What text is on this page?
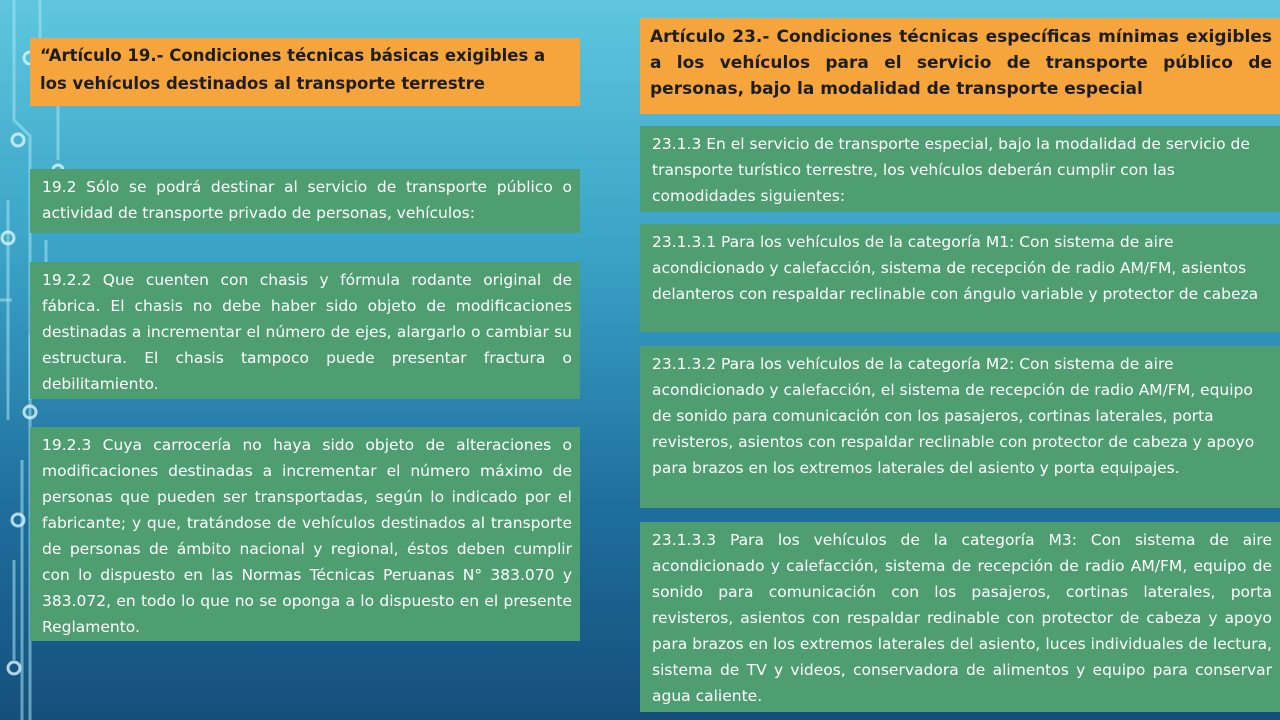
“Artículo 19.- Condiciones técnicas básicas exigibles a los vehículos destinados al transporte terrestre
19.2 Sólo se podrá destinar al servicio de transporte público o actividad de transporte privado de personas, vehículos:
19.2.2 Que cuenten con chasis y fórmula rodante original de fábrica. El chasis no debe haber sido objeto de modificaciones destinadas a incrementar el número de ejes, alargarlo o cambiar su estructura. El chasis tampoco puede presentar fractura o debilitamiento.
19.2.3 Cuya carrocería no haya sido objeto de alteraciones o modificaciones destinadas a incrementar el número máximo de personas que pueden ser transportadas, según lo indicado por el fabricante; y que, tratándose de vehículos destinados al transporte de personas de ámbito nacional y regional, éstos deben cumplir con lo dispuesto en las Normas Técnicas Peruanas N° 383.070 y 383.072, en todo lo que no se oponga a lo dispuesto en el presente Reglamento.
Artículo 23.- Condiciones técnicas específicas mínimas exigibles a los vehículos para el servicio de transporte público de personas, bajo la modalidad de transporte especial
23.1.3 En el servicio de transporte especial, bajo la modalidad de servicio de transporte turístico terrestre, los vehículos deberán cumplir con las comodidades siguientes:
23.1.3.1 Para los vehículos de la categoría M1: Con sistema de aire acondicionado y calefacción, sistema de recepción de radio AM/FM, asientos delanteros con respaldar reclinable con ángulo variable y protector de cabeza
23.1.3.2 Para los vehículos de la categoría M2: Con sistema de aire acondicionado y calefacción, el sistema de recepción de radio AM/FM, equipo de sonido para comunicación con los pasajeros, cortinas laterales, porta revisteros, asientos con respaldar reclinable con protector de cabeza y apoyo para brazos en los extremos laterales del asiento y porta equipajes.
23.1.3.3 Para los vehículos de la categoría M3: Con sistema de aire acondicionado y calefacción, sistema de recepción de radio AM/FM, equipo de sonido para comunicación con los pasajeros, cortinas laterales, porta revisteros, asientos con respaldar redinable con protector de cabeza y apoyo para brazos en los extremos laterales del asiento, luces individuales de lectura, sistema de TV y videos, conservadora de alimentos y equipo para conservar agua caliente.
